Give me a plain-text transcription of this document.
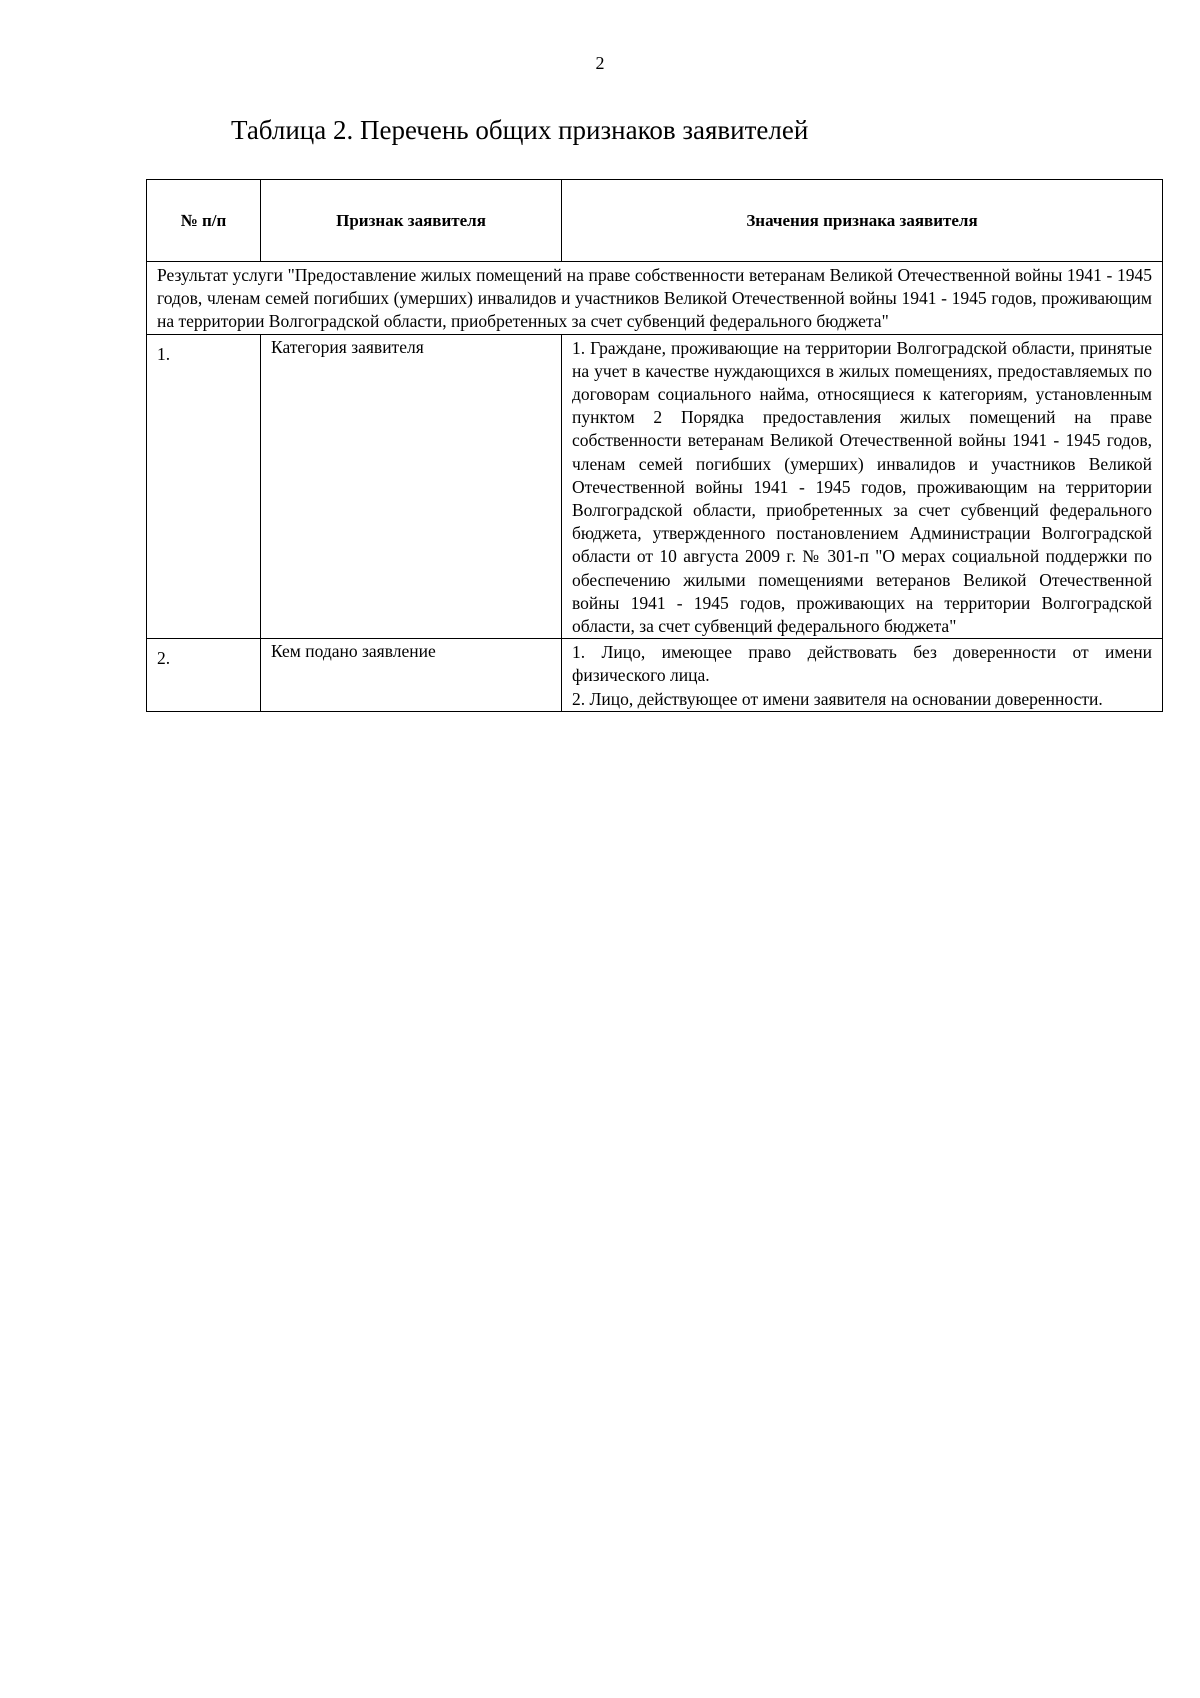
2
Таблица 2. Перечень общих признаков заявителей
№ п/п	Признак заявителя	Значения признака заявителя
Результат услуги "Предоставление жилых помещений на праве собственности ветеранам Великой Отечественной войны 1941 - 1945 годов, членам семей погибших (умерших) инвалидов и участников Великой Отечественной войны 1941 - 1945 годов, проживающим на территории Волгоградской области, приобретенных за счет субвенций федерального бюджета"		
1.	Категория заявителя	1. Граждане, проживающие на территории Волгоградской области, принятые на учет в качестве нуждающихся в жилых помещениях, предоставляемых по договорам социального найма, относящиеся к категориям, установленным пунктом 2 Порядка предоставления жилых помещений на праве собственности ветеранам Великой Отечественной войны 1941 - 1945 годов, членам семей погибших (умерших) инвалидов и участников Великой Отечественной войны 1941 - 1945 годов, проживающим на территории Волгоградской области, приобретенных за счет субвенций федерального бюджета, утвержденного постановлением Администрации Волгоградской области от 10 августа 2009 г. № 301-п "О мерах социальной поддержки по обеспечению жилыми помещениями ветеранов Великой Отечественной войны 1941 - 1945 годов, проживающих на территории Волгоградской области, за счет субвенций федерального бюджета"

2.	Кем подано заявление	1. Лицо, имеющее право действовать без доверенности от имени физического лица.

2. Лицо, действующее от имени заявителя на основании доверенности.
